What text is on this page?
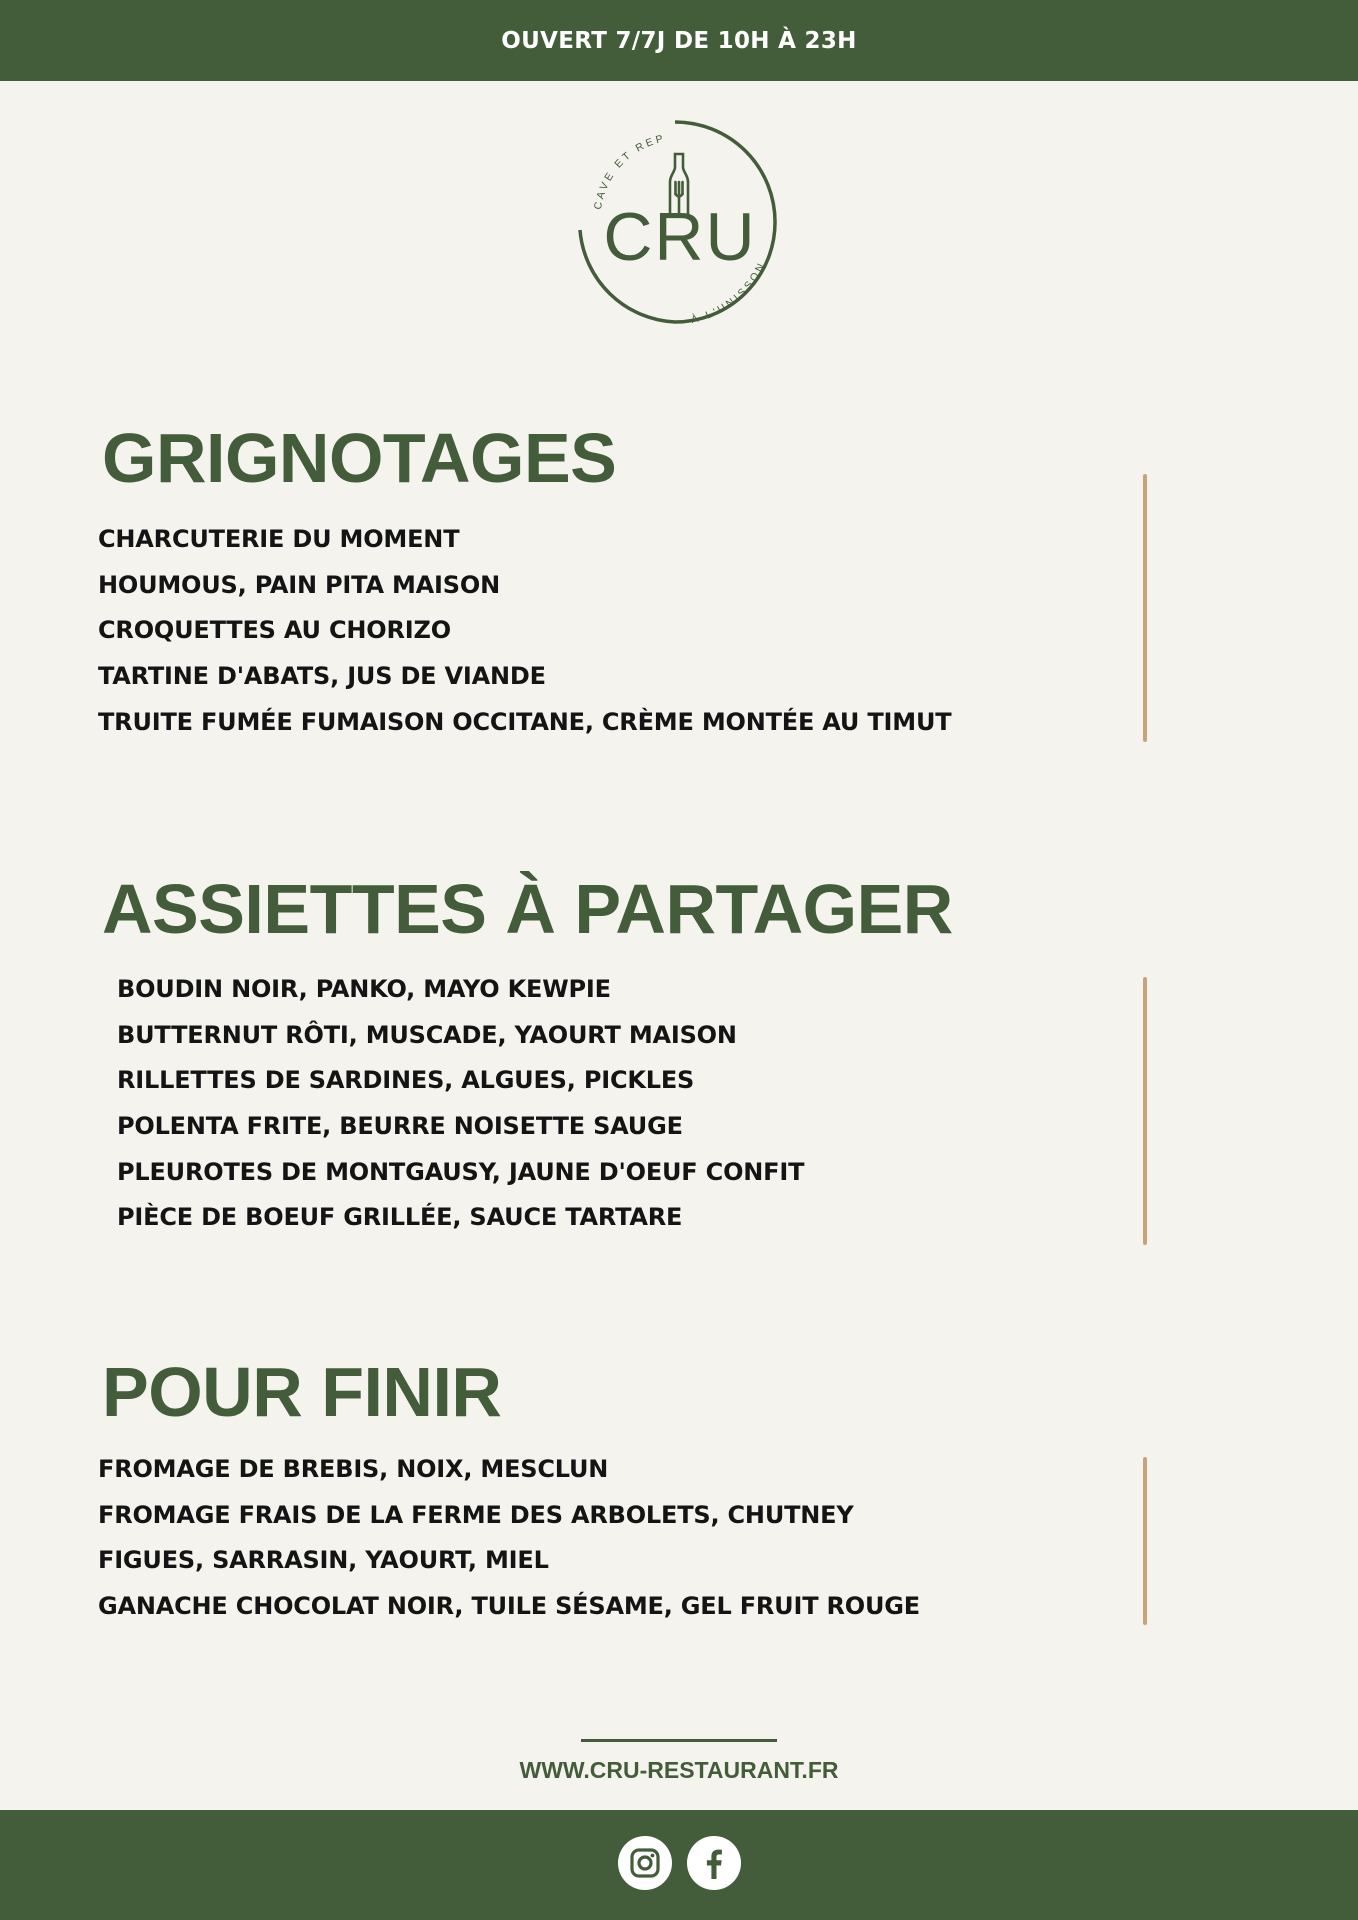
OUVERT 7/7J DE 10H À 23H
CAVE ET REP
À L'UNISSON
CRU
GRIGNOTAGES
CHARCUTERIE DU MOMENT
HOUMOUS, PAIN PITA MAISON
CROQUETTES AU CHORIZO
TARTINE D'ABATS, JUS DE VIANDE
TRUITE FUMÉE FUMAISON OCCITANE, CRÈME MONTÉE AU TIMUT
ASSIETTES À PARTAGER
BOUDIN NOIR, PANKO, MAYO KEWPIE
BUTTERNUT RÔTI, MUSCADE, YAOURT MAISON
RILLETTES DE SARDINES, ALGUES, PICKLES
POLENTA FRITE, BEURRE NOISETTE SAUGE
PLEUROTES DE MONTGAUSY, JAUNE D'OEUF CONFIT
PIÈCE DE BOEUF GRILLÉE, SAUCE TARTARE
POUR FINIR
FROMAGE DE BREBIS, NOIX, MESCLUN
FROMAGE FRAIS DE LA FERME DES ARBOLETS, CHUTNEY
FIGUES, SARRASIN, YAOURT, MIEL
GANACHE CHOCOLAT NOIR, TUILE SÉSAME, GEL FRUIT ROUGE
WWW.CRU-RESTAURANT.FR
